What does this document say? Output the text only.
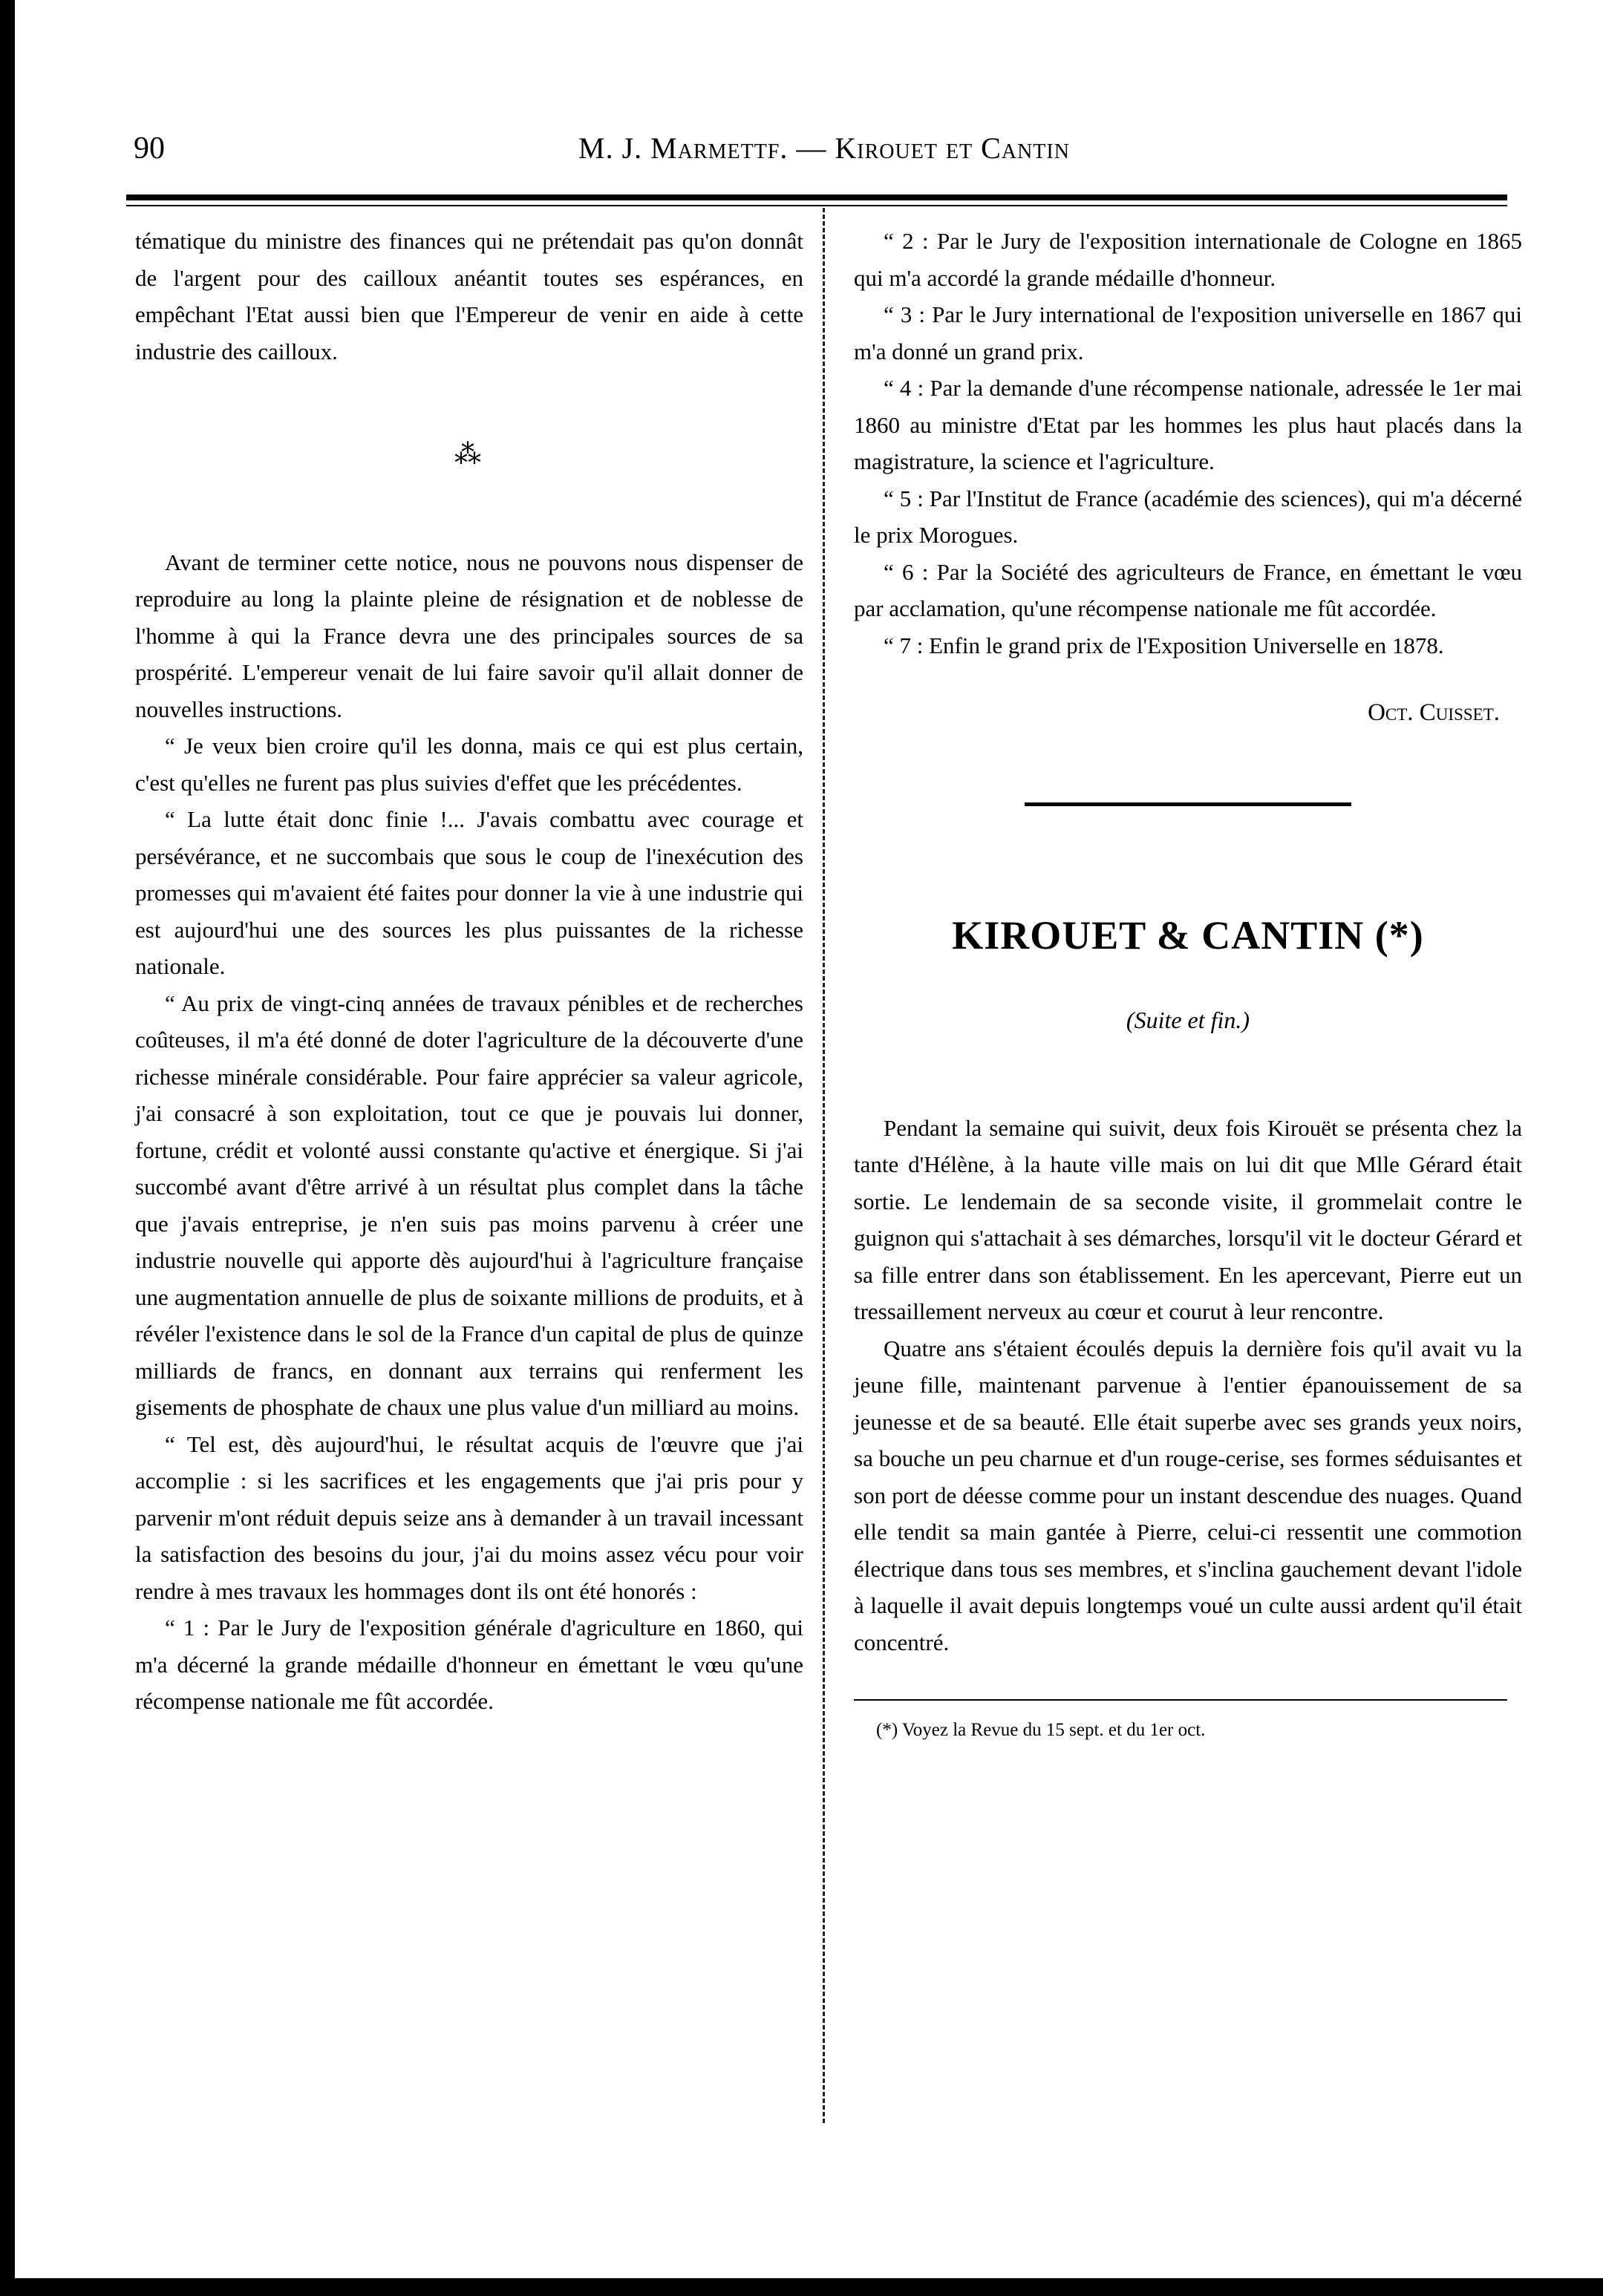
90	M. J. Marmettf. — Kirouet et Cantin

tématique du ministre des finances qui ne prétendait pas qu'on donnât de l'argent pour des cailloux anéantit toutes ses espérances, en empêchant l'Etat aussi bien que l'Empereur de venir en aide à cette industrie des cailloux.

⁂

Avant de terminer cette notice, nous ne pouvons nous dispenser de reproduire au long la plainte pleine de résignation et de noblesse de l'homme à qui la France devra une des principales sources de sa prospérité. L'empereur venait de lui faire savoir qu'il allait donner de nouvelles instructions.

“ Je veux bien croire qu'il les donna, mais ce qui est plus certain, c'est qu'elles ne furent pas plus suivies d'effet que les précédentes.

“ La lutte était donc finie !... J'avais combattu avec courage et persévérance, et ne succombais que sous le coup de l'inexécution des promesses qui m'avaient été faites pour donner la vie à une industrie qui est aujourd'hui une des sources les plus puissantes de la richesse nationale.

“ Au prix de vingt-cinq années de travaux pénibles et de recherches coûteuses, il m'a été donné de doter l'agriculture de la découverte d'une richesse minérale considérable. Pour faire apprécier sa valeur agricole, j'ai consacré à son exploitation, tout ce que je pouvais lui donner, fortune, crédit et volonté aussi constante qu'active et énergique. Si j'ai succombé avant d'être arrivé à un résultat plus complet dans la tâche que j'avais entreprise, je n'en suis pas moins parvenu à créer une industrie nouvelle qui apporte dès aujourd'hui à l'agriculture française une augmentation annuelle de plus de soixante millions de produits, et à révéler l'existence dans le sol de la France d'un capital de plus de quinze milliards de francs, en donnant aux terrains qui renferment les gisements de phosphate de chaux une plus value d'un milliard au moins.

“ Tel est, dès aujourd'hui, le résultat acquis de l'œuvre que j'ai accomplie : si les sacrifices et les engagements que j'ai pris pour y parvenir m'ont réduit depuis seize ans à demander à un travail incessant la satisfaction des besoins du jour, j'ai du moins assez vécu pour voir rendre à mes travaux les hommages dont ils ont été honorés :

“ 1 : Par le Jury de l'exposition générale d'agriculture en 1860, qui m'a décerné la grande médaille d'honneur en émettant le vœu qu'une récompense nationale me fût accordée.

“ 2 : Par le Jury de l'exposition internationale de Cologne en 1865 qui m'a accordé la grande médaille d'honneur.

“ 3 : Par le Jury international de l'exposition universelle en 1867 qui m'a donné un grand prix.

“ 4 : Par la demande d'une récompense nationale, adressée le 1er mai 1860 au ministre d'Etat par les hommes les plus haut placés dans la magistrature, la science et l'agriculture.

“ 5 : Par l'Institut de France (académie des sciences), qui m'a décerné le prix Morogues.

“ 6 : Par la Société des agriculteurs de France, en émettant le vœu par acclamation, qu'une récompense nationale me fût accordée.

“ 7 : Enfin le grand prix de l'Exposition Universelle en 1878.

Oct. Cuisset.
KIROUET & CANTIN (*)
(Suite et fin.)

Pendant la semaine qui suivit, deux fois Kirouët se présenta chez la tante d'Hélène, à la haute ville mais on lui dit que Mlle Gérard était sortie. Le lendemain de sa seconde visite, il grommelait contre le guignon qui s'attachait à ses démarches, lorsqu'il vit le docteur Gérard et sa fille entrer dans son établissement. En les apercevant, Pierre eut un tressaillement nerveux au cœur et courut à leur rencontre.

Quatre ans s'étaient écoulés depuis la dernière fois qu'il avait vu la jeune fille, maintenant parvenue à l'entier épanouissement de sa jeunesse et de sa beauté. Elle était superbe avec ses grands yeux noirs, sa bouche un peu charnue et d'un rouge-cerise, ses formes séduisantes et son port de déesse comme pour un instant descendue des nuages. Quand elle tendit sa main gantée à Pierre, celui-ci ressentit une commotion électrique dans tous ses membres, et s'inclina gauchement devant l'idole à laquelle il avait depuis longtemps voué un culte aussi ardent qu'il était concentré.

(*) Voyez la Revue du 15 sept. et du 1er oct.
